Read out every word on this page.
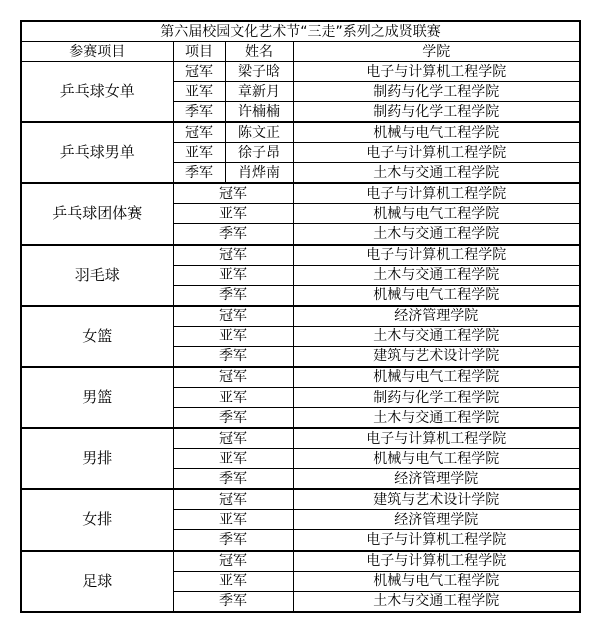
第六届校园文化艺术节“三走”系列之成贤联赛			
参赛项目	项目	姓名	学院
乒乓球女单	冠军	梁子晗	电子与计算机工程学院
	亚军	章新月	制药与化学工程学院
	季军	许楠楠	制药与化学工程学院
乒乓球男单	冠军	陈文正	机械与电气工程学院
	亚军	徐子昂	电子与计算机工程学院
	季军	肖烨南	土木与交通工程学院
乒乓球团体赛	冠军		电子与计算机工程学院
	亚军		机械与电气工程学院
	季军		土木与交通工程学院
羽毛球	冠军		电子与计算机工程学院
	亚军		土木与交通工程学院
	季军		机械与电气工程学院
女篮	冠军		经济管理学院
	亚军		土木与交通工程学院
	季军		建筑与艺术设计学院
男篮	冠军		机械与电气工程学院
	亚军		制药与化学工程学院
	季军		土木与交通工程学院
男排	冠军		电子与计算机工程学院
	亚军		机械与电气工程学院
	季军		经济管理学院
女排	冠军		建筑与艺术设计学院
	亚军		经济管理学院
	季军		电子与计算机工程学院
足球	冠军		电子与计算机工程学院
	亚军		机械与电气工程学院
	季军		土木与交通工程学院
